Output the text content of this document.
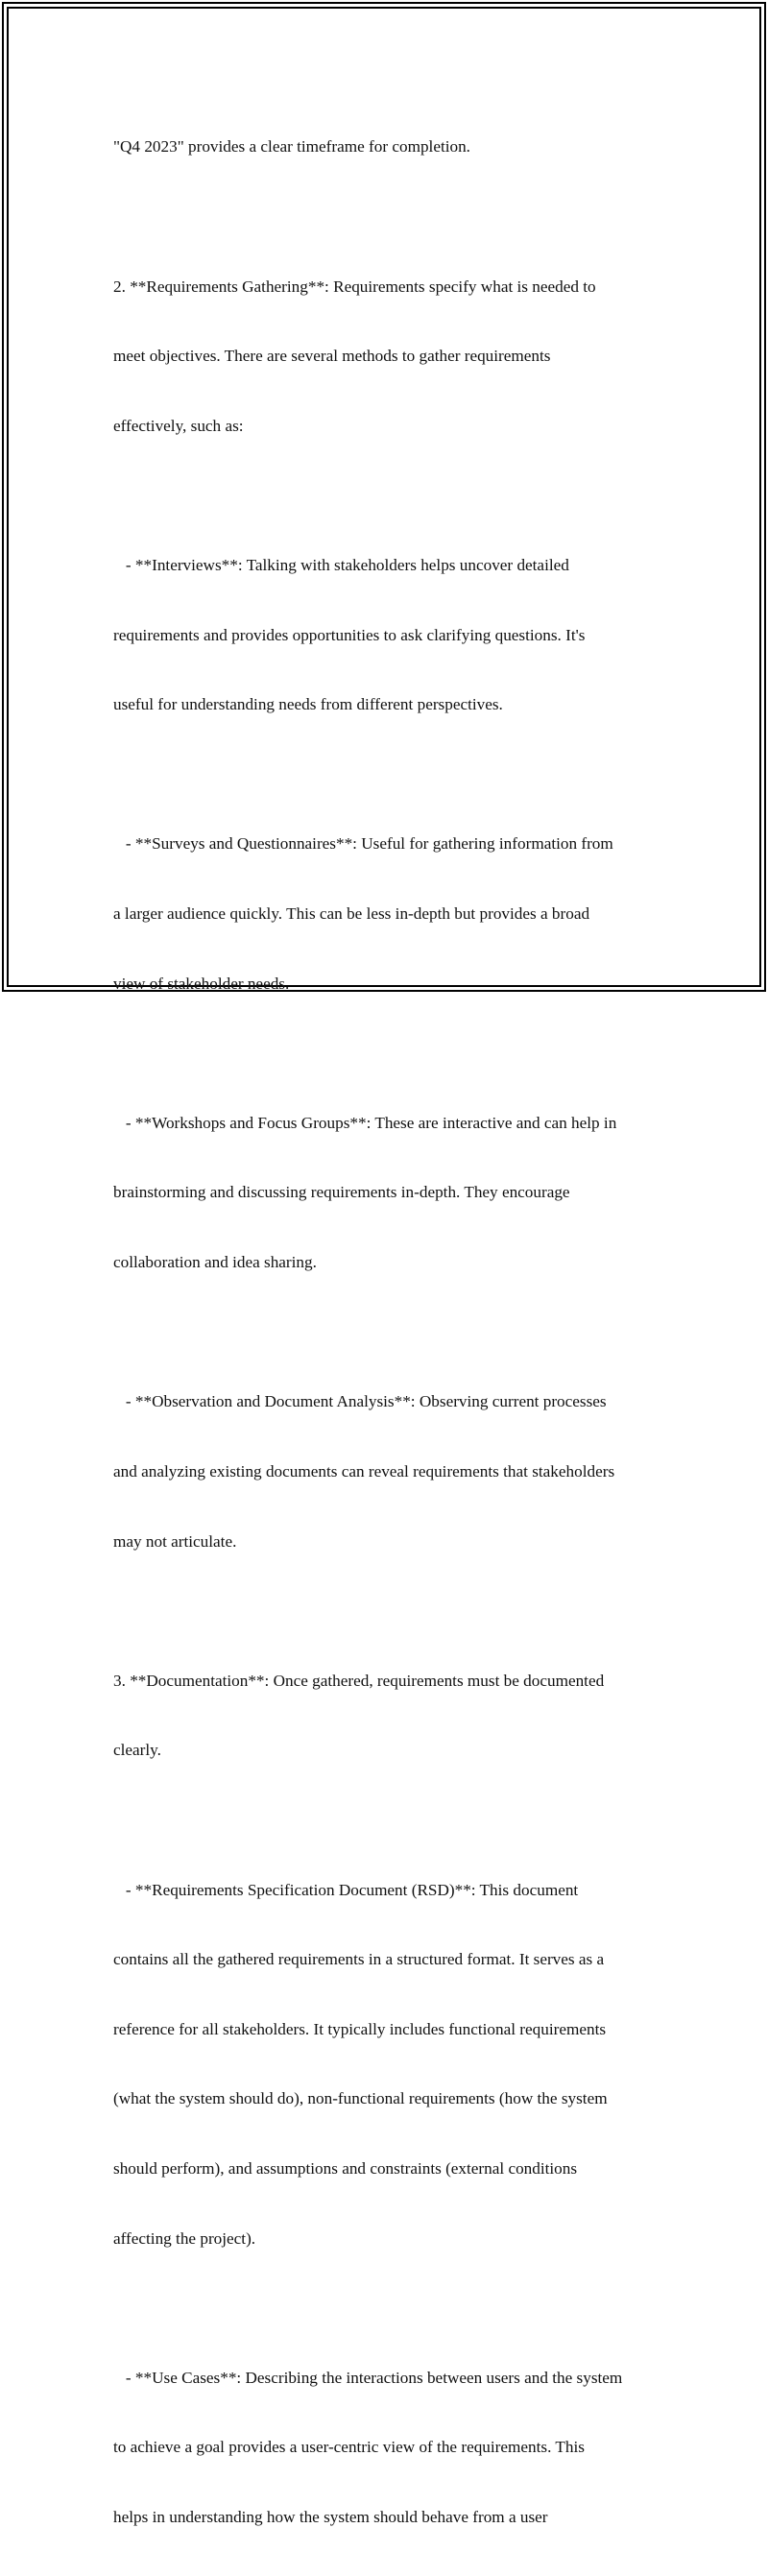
"Q4 2023" provides a clear timeframe for completion.

2. **Requirements Gathering**: Requirements specify what is needed to

meet objectives. There are several methods to gather requirements

effectively, such as:

- **Interviews**: Talking with stakeholders helps uncover detailed

requirements and provides opportunities to ask clarifying questions. It's

useful for understanding needs from different perspectives.

- **Surveys and Questionnaires**: Useful for gathering information from

a larger audience quickly. This can be less in-depth but provides a broad

view of stakeholder needs.

- **Workshops and Focus Groups**: These are interactive and can help in

brainstorming and discussing requirements in-depth. They encourage

collaboration and idea sharing.

- **Observation and Document Analysis**: Observing current processes

and analyzing existing documents can reveal requirements that stakeholders

may not articulate.

3. **Documentation**: Once gathered, requirements must be documented

clearly.

- **Requirements Specification Document (RSD)**: This document

contains all the gathered requirements in a structured format. It serves as a

reference for all stakeholders. It typically includes functional requirements

(what the system should do), non-functional requirements (how the system

should perform), and assumptions and constraints (external conditions

affecting the project).

- **Use Cases**: Describing the interactions between users and the system

to achieve a goal provides a user-centric view of the requirements. This

helps in understanding how the system should behave from a user
